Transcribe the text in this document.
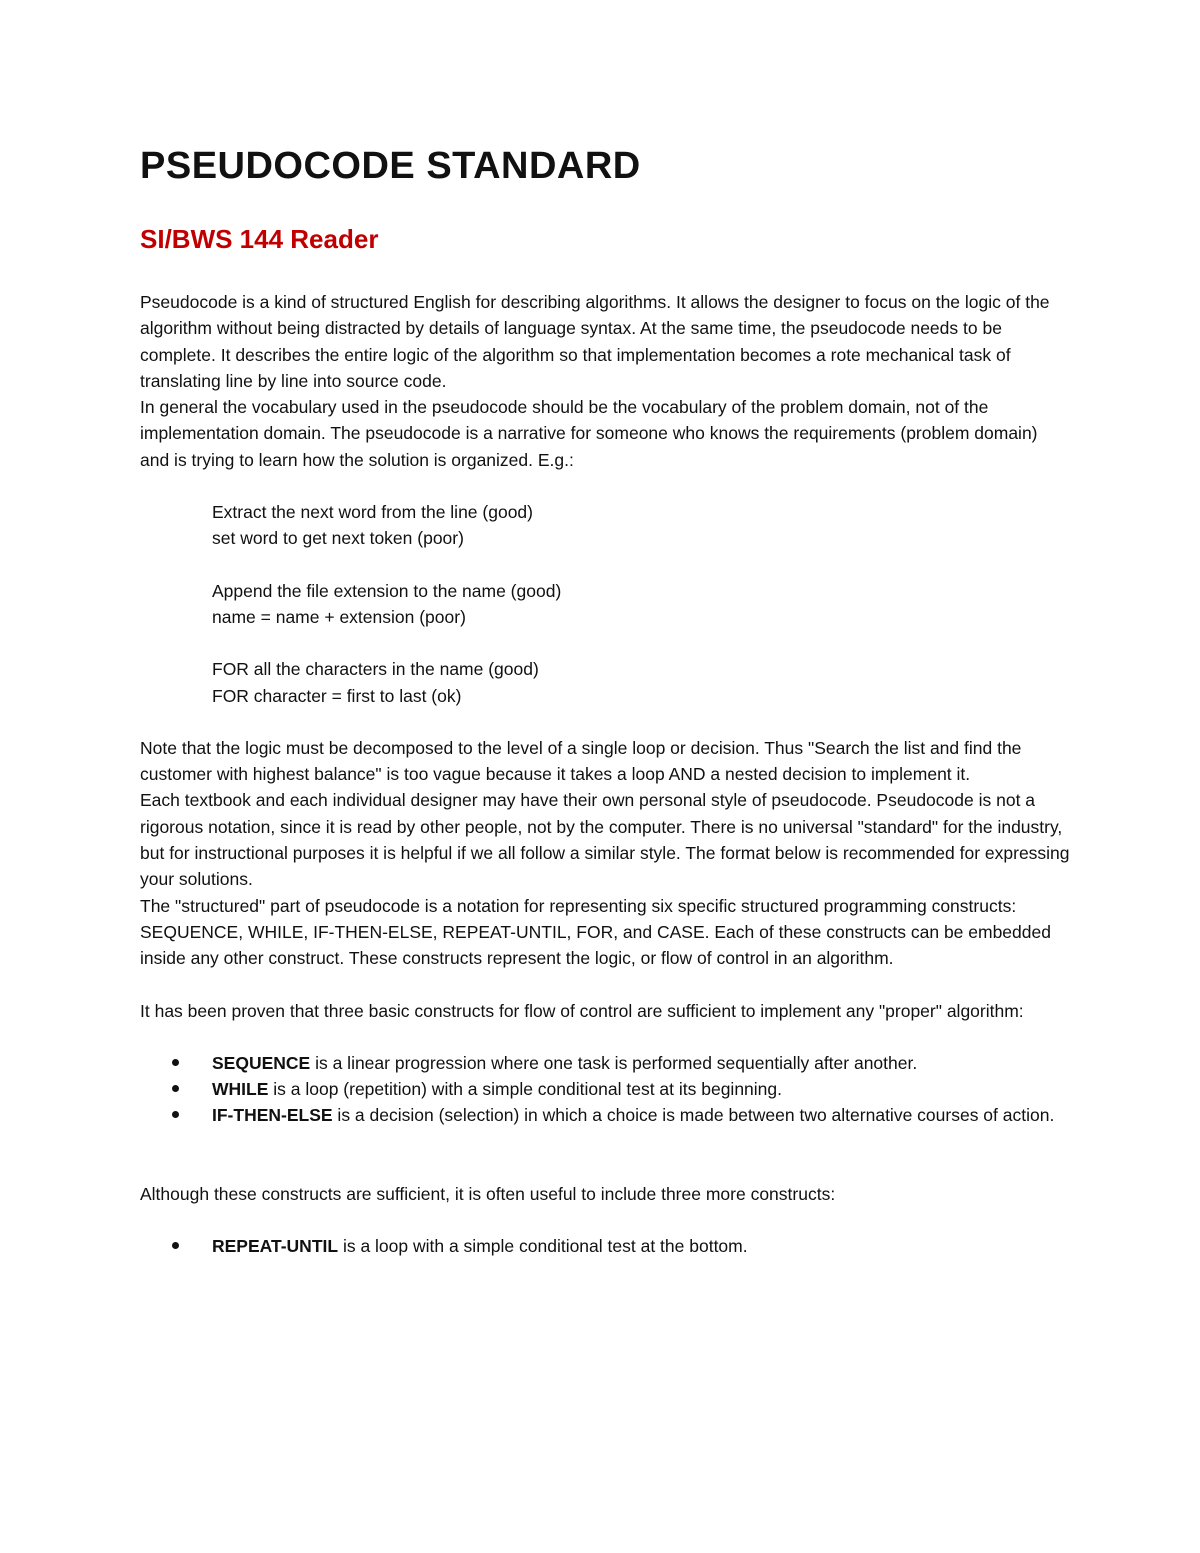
PSEUDOCODE STANDARD
SI/BWS 144 Reader

Pseudocode is a kind of structured English for describing algorithms. It allows the designer to focus on the logic of the algorithm without being distracted by details of language syntax. At the same time, the pseudocode needs to be complete. It describes the entire logic of the algorithm so that implementation becomes a rote mechanical task of translating line by line into source code.

In general the vocabulary used in the pseudocode should be the vocabulary of the problem domain, not of the implementation domain. The pseudocode is a narrative for someone who knows the requirements (problem domain) and is trying to learn how the solution is organized. E.g.:

Extract the next word from the line (good)

set word to get next token (poor)

Append the file extension to the name (good)

name = name + extension (poor)

FOR all the characters in the name (good)

FOR character = first to last (ok)

Note that the logic must be decomposed to the level of a single loop or decision. Thus "Search the list and find the customer with highest balance" is too vague because it takes a loop AND a nested decision to implement it.

Each textbook and each individual designer may have their own personal style of pseudocode. Pseudocode is not a rigorous notation, since it is read by other people, not by the computer. There is no universal "standard" for the industry, but for instructional purposes it is helpful if we all follow a similar style. The format below is recommended for expressing your solutions.

The "structured" part of pseudocode is a notation for representing six specific structured programming constructs: SEQUENCE, WHILE, IF-THEN-ELSE, REPEAT-UNTIL, FOR, and CASE. Each of these constructs can be embedded inside any other construct. These constructs represent the logic, or flow of control in an algorithm.

It has been proven that three basic constructs for flow of control are sufficient to implement any "proper" algorithm:

SEQUENCE is a linear progression where one task is performed sequentially after another.
WHILE is a loop (repetition) with a simple conditional test at its beginning.
IF-THEN-ELSE is a decision (selection) in which a choice is made between two alternative courses of action.

Although these constructs are sufficient, it is often useful to include three more constructs:

REPEAT-UNTIL is a loop with a simple conditional test at the bottom.
